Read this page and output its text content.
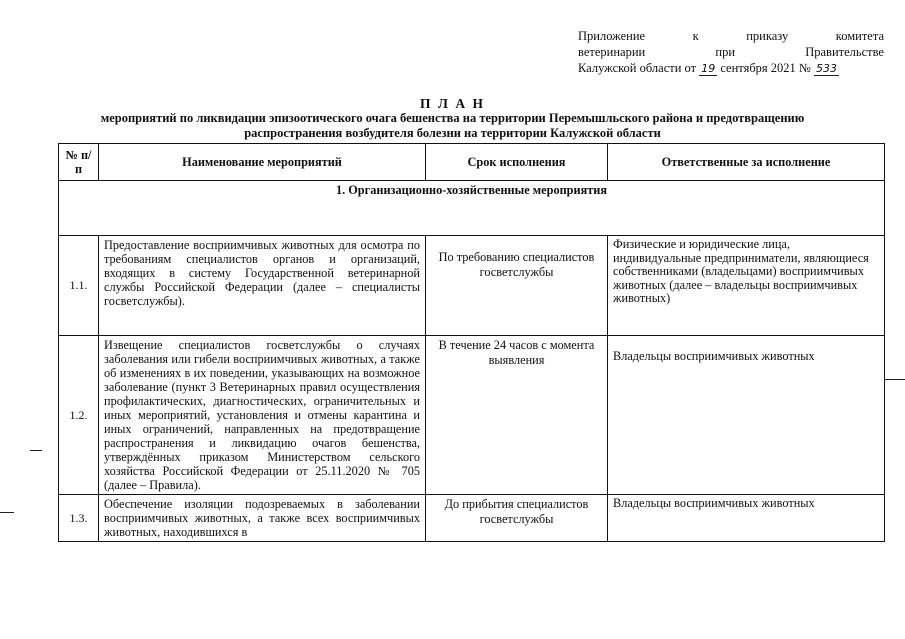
Приложение	к	приказу	комитета
ветеринарии	при	Правительстве
Калужской области от 19 сентября 2021 № 533
П Л А Н
мероприятий по ликвидации эпизоотического очага бешенства на территории Перемышльского района и предотвращению
распространения возбудителя болезни на территории Калужской области
№ п/п	Наименование мероприятий	Срок исполнения	Ответственные за исполнение
1. Организационно-хозяйственные мероприятия			
1.1.	Предоставление восприимчивых животных для осмотра по требованиям специалистов органов и организаций, входящих в систему Государственной ветеринарной службы Российской Федерации (далее – специалисты госветслужбы).	По требованию специалистов госветслужбы	Физические и юридические лица, индивидуальные предприниматели, являющиеся собственниками (владельцами) восприимчивых животных (далее – владельцы восприимчивых животных)
1.2.	Извещение специалистов госветслужбы о случаях заболевания или гибели восприимчивых животных, а также об изменениях в их поведении, указывающих на возможное заболевание (пункт 3 Ветеринарных правил осуществления профилактических, диагностических, ограничительных и иных мероприятий, установления и отмены карантина и иных ограничений, направленных на предотвращение распространения и ликвидацию очагов бешенства, утверждённых приказом Министерством сельского хозяйства Российской Федерации от 25.11.2020 № 705 (далее – Правила).	В течение 24 часов с момента выявления	Владельцы восприимчивых животных
1.3.	Обеспечение изоляции подозреваемых в заболевании восприимчивых животных, а также всех восприимчивых животных, находившихся в	До прибытия специалистов госветслужбы	Владельцы восприимчивых животных
